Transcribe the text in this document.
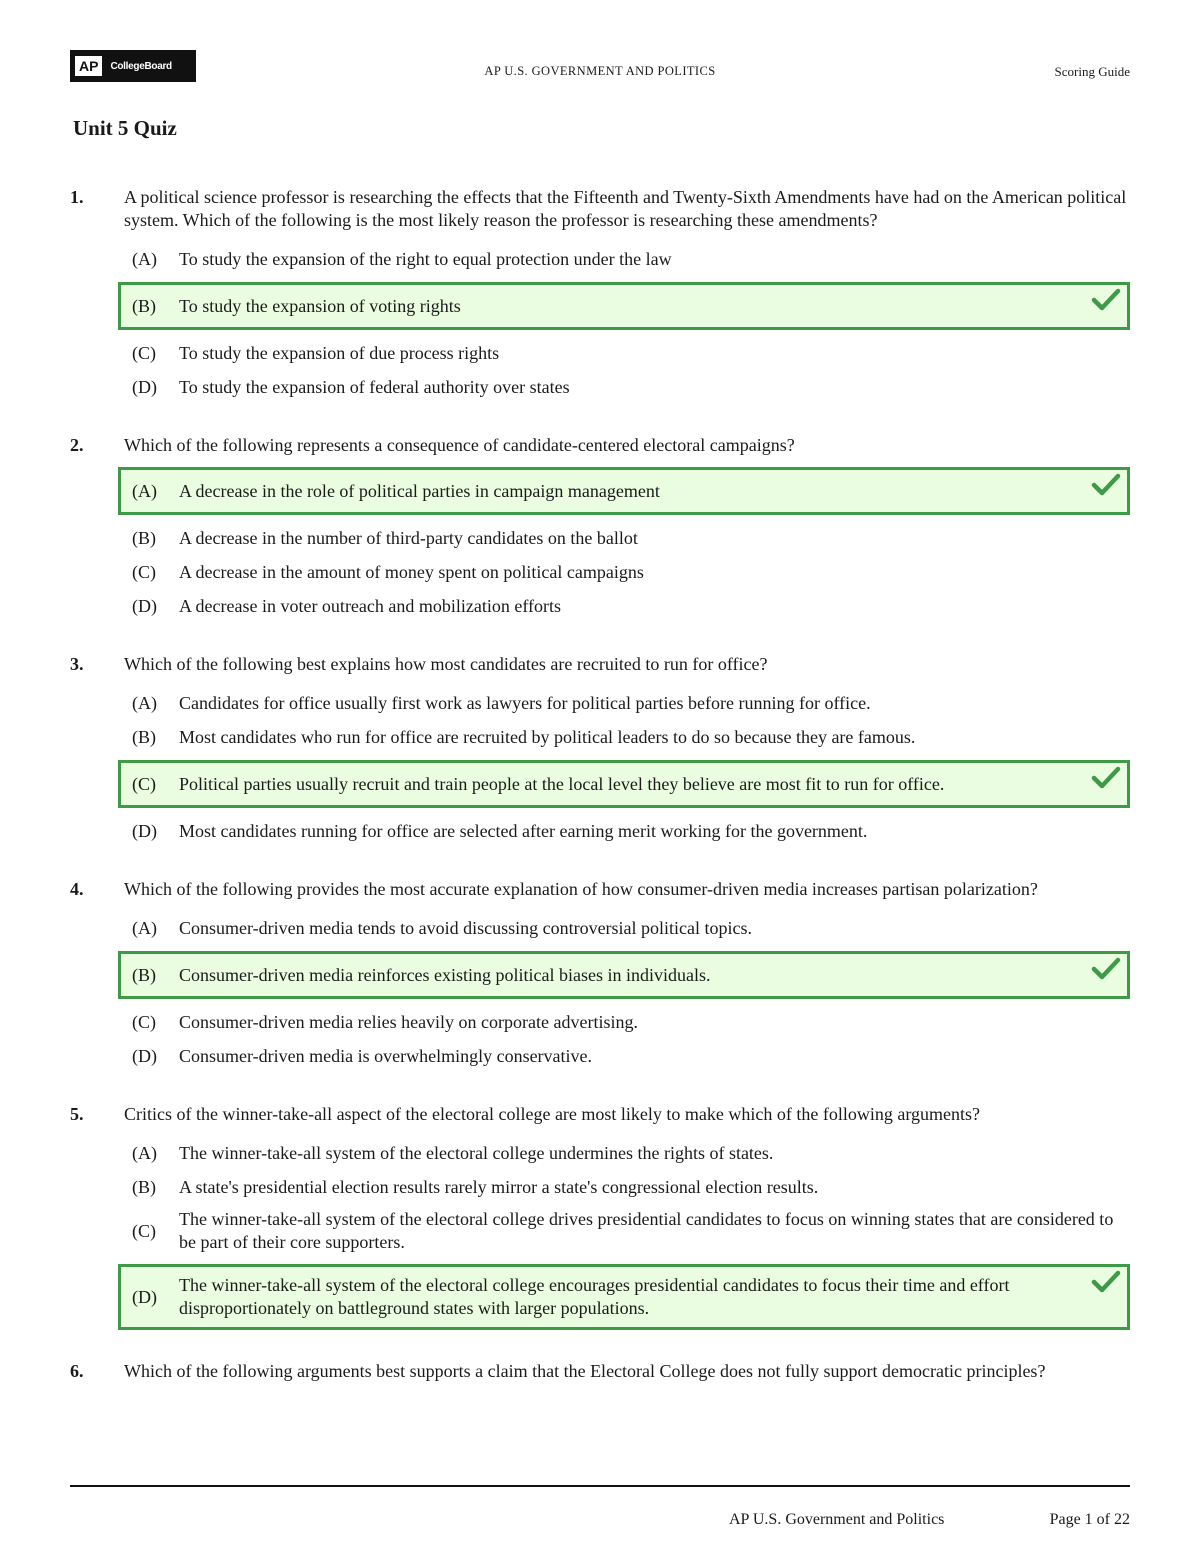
AP	CollegeBoard	AP U.S. GOVERNMENT AND POLITICS	Scoring Guide
Unit 5 Quiz
1.	A political science professor is researching the effects that the Fifteenth and Twenty-Sixth Amendments have had on the American political system. Which of the following is the most likely reason the professor is researching these amendments?
(A)	To study the expansion of the right to equal protection under the law
(B)	To study the expansion of voting rights
(C)	To study the expansion of due process rights
(D)	To study the expansion of federal authority over states
2.	Which of the following represents a consequence of candidate-centered electoral campaigns?
(A)	A decrease in the role of political parties in campaign management
(B)	A decrease in the number of third-party candidates on the ballot
(C)	A decrease in the amount of money spent on political campaigns
(D)	A decrease in voter outreach and mobilization efforts
3.	Which of the following best explains how most candidates are recruited to run for office?
(A)	Candidates for office usually first work as lawyers for political parties before running for office.
(B)	Most candidates who run for office are recruited by political leaders to do so because they are famous.
(C)	Political parties usually recruit and train people at the local level they believe are most fit to run for office.
(D)	Most candidates running for office are selected after earning merit working for the government.
4.	Which of the following provides the most accurate explanation of how consumer-driven media increases partisan polarization?
(A)	Consumer-driven media tends to avoid discussing controversial political topics.
(B)	Consumer-driven media reinforces existing political biases in individuals.
(C)	Consumer-driven media relies heavily on corporate advertising.
(D)	Consumer-driven media is overwhelmingly conservative.
5.	Critics of the winner-take-all aspect of the electoral college are most likely to make which of the following arguments?
(A)	The winner-take-all system of the electoral college undermines the rights of states.
(B)	A state's presidential election results rarely mirror a state's congressional election results.
(C)
The winner-take-all system of the electoral college drives presidential candidates to focus on winning states that are considered to be part of their core supporters.
(D)
The winner-take-all system of the electoral college encourages presidential candidates to focus their time and effort disproportionately on battleground states with larger populations.
6.	Which of the following arguments best supports a claim that the Electoral College does not fully support democratic principles?
AP U.S. Government and Politics	Page 1 of 22
